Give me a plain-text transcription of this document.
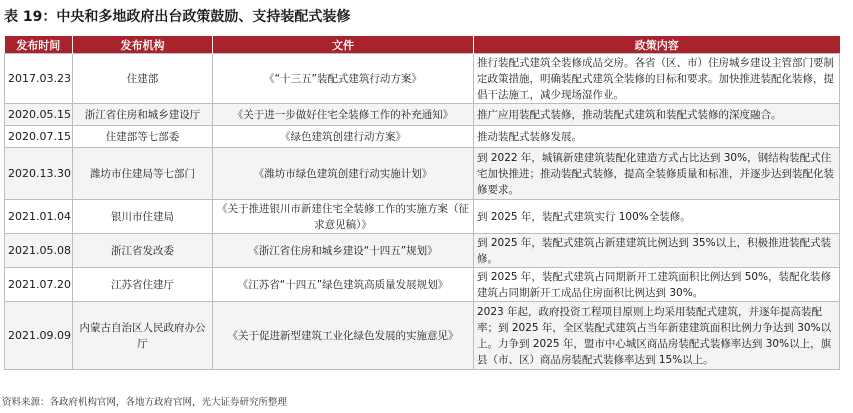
表 19：中央和多地政府出台政策鼓励、支持装配式装修
发布时间	发布机构	文件	政策内容
2017.03.23	住建部	《“十三五”装配式建筑行动方案》	推行装配式建筑全装修成品交房。各省（区、市）住房城乡建设主管部门要制定政策措施，明确装配式建筑全装修的目标和要求。加快推进装配化装修，提倡干法施工，减少现场湿作业。
2020.05.15	浙江省住房和城乡建设厅	《关于进一步做好住宅全装修工作的补充通知》	推广应用装配式装修，推动装配式建筑和装配式装修的深度融合。
2020.07.15	住建部等七部委	《绿色建筑创建行动方案》	推动装配式装修发展。
2020.13.30	潍坊市住建局等七部门	《潍坊市绿色建筑创建行动实施计划》	到 2022 年，城镇新建建筑装配化建造方式占比达到 30%，钢结构装配式住宅加快推进；推动装配式装修，提高全装修质量和标准，并逐步达到装配化装修要求。
2021.01.04	银川市住建局	《关于推进银川市新建住宅全装修工作的实施方案（征求意见稿）》	到 2025 年，装配式建筑实行 100%全装修。
2021.05.08	浙江省发改委	《浙江省住房和城乡建设“十四五”规划》	到 2025 年，装配式建筑占新建建筑比例达到 35%以上，积极推进装配式装修。
2021.07.20	江苏省住建厅	《江苏省“十四五”绿色建筑高质量发展规划》	到 2025 年，装配式建筑占同期新开工建筑面积比例达到 50%，装配化装修建筑占同期新开工成品住房面积比例达到 30%。
2021.09.09	内蒙古自治区人民政府办公厅	《关于促进新型建筑工业化绿色发展的实施意见》	2023 年起，政府投资工程项目原则上均采用装配式建筑，并逐年提高装配率；到 2025 年，全区装配式建筑占当年新建建筑面积比例力争达到 30%以上。力争到 2025 年，盟市中心城区商品房装配式装修率达到 30%以上，旗县（市、区）商品房装配式装修率达到 15%以上。
资料来源：各政府机构官网，各地方政府官网，光大证券研究所整理
